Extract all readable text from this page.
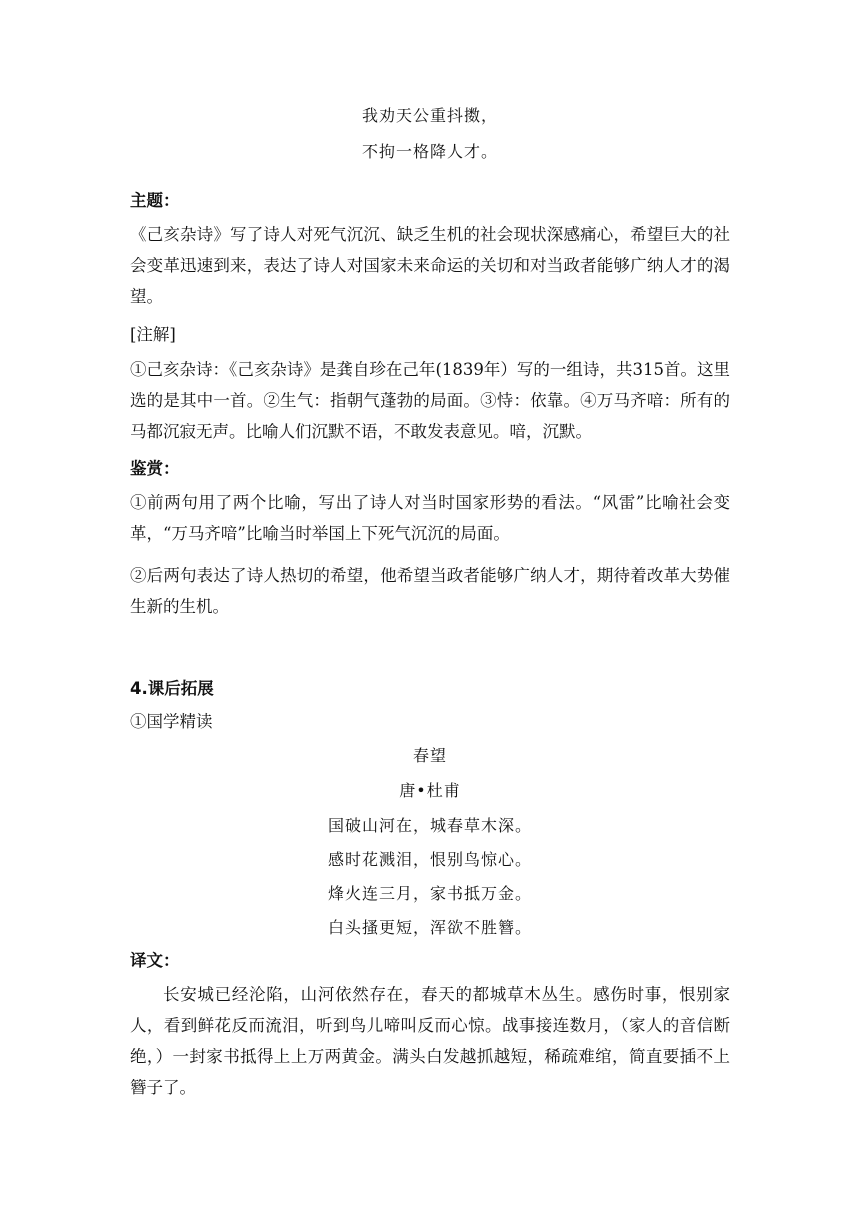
我劝天公重抖擞，
不拘一格降人才。
主题：
《己亥杂诗》写了诗人对死气沉沉、缺乏生机的社会现状深感痛心，希望巨大的社会变革迅速到来，表达了诗人对国家未来命运的关切和对当政者能够广纳人才的渴望。
[注解]
①己亥杂诗：《己亥杂诗》是龚自珍在己年(1839年）写的一组诗，共315首。这里选的是其中一首。②生气：指朝气蓬勃的局面。③恃：依靠。④万马齐喑：所有的马都沉寂无声。比喻人们沉默不语，不敢发表意见。喑，沉默。
鉴赏：
①前两句用了两个比喻，写出了诗人对当时国家形势的看法。“风雷”比喻社会变革，“万马齐喑”比喻当时举国上下死气沉沉的局面。
②后两句表达了诗人热切的希望，他希望当政者能够广纳人才，期待着改革大势催生新的生机。
4.课后拓展
①国学精读
春望
唐•杜甫
国破山河在，城春草木深。
感时花溅泪，恨别鸟惊心。
烽火连三月，家书抵万金。
白头搔更短，浑欲不胜簪。
译文：
长安城已经沦陷，山河依然存在，春天的都城草木丛生。感伤时事，恨别家人，看到鲜花反而流泪，听到鸟儿啼叫反而心惊。战事接连数月，（家人的音信断绝，）一封家书抵得上上万两黄金。满头白发越抓越短，稀疏难绾，简直要插不上簪子了。
